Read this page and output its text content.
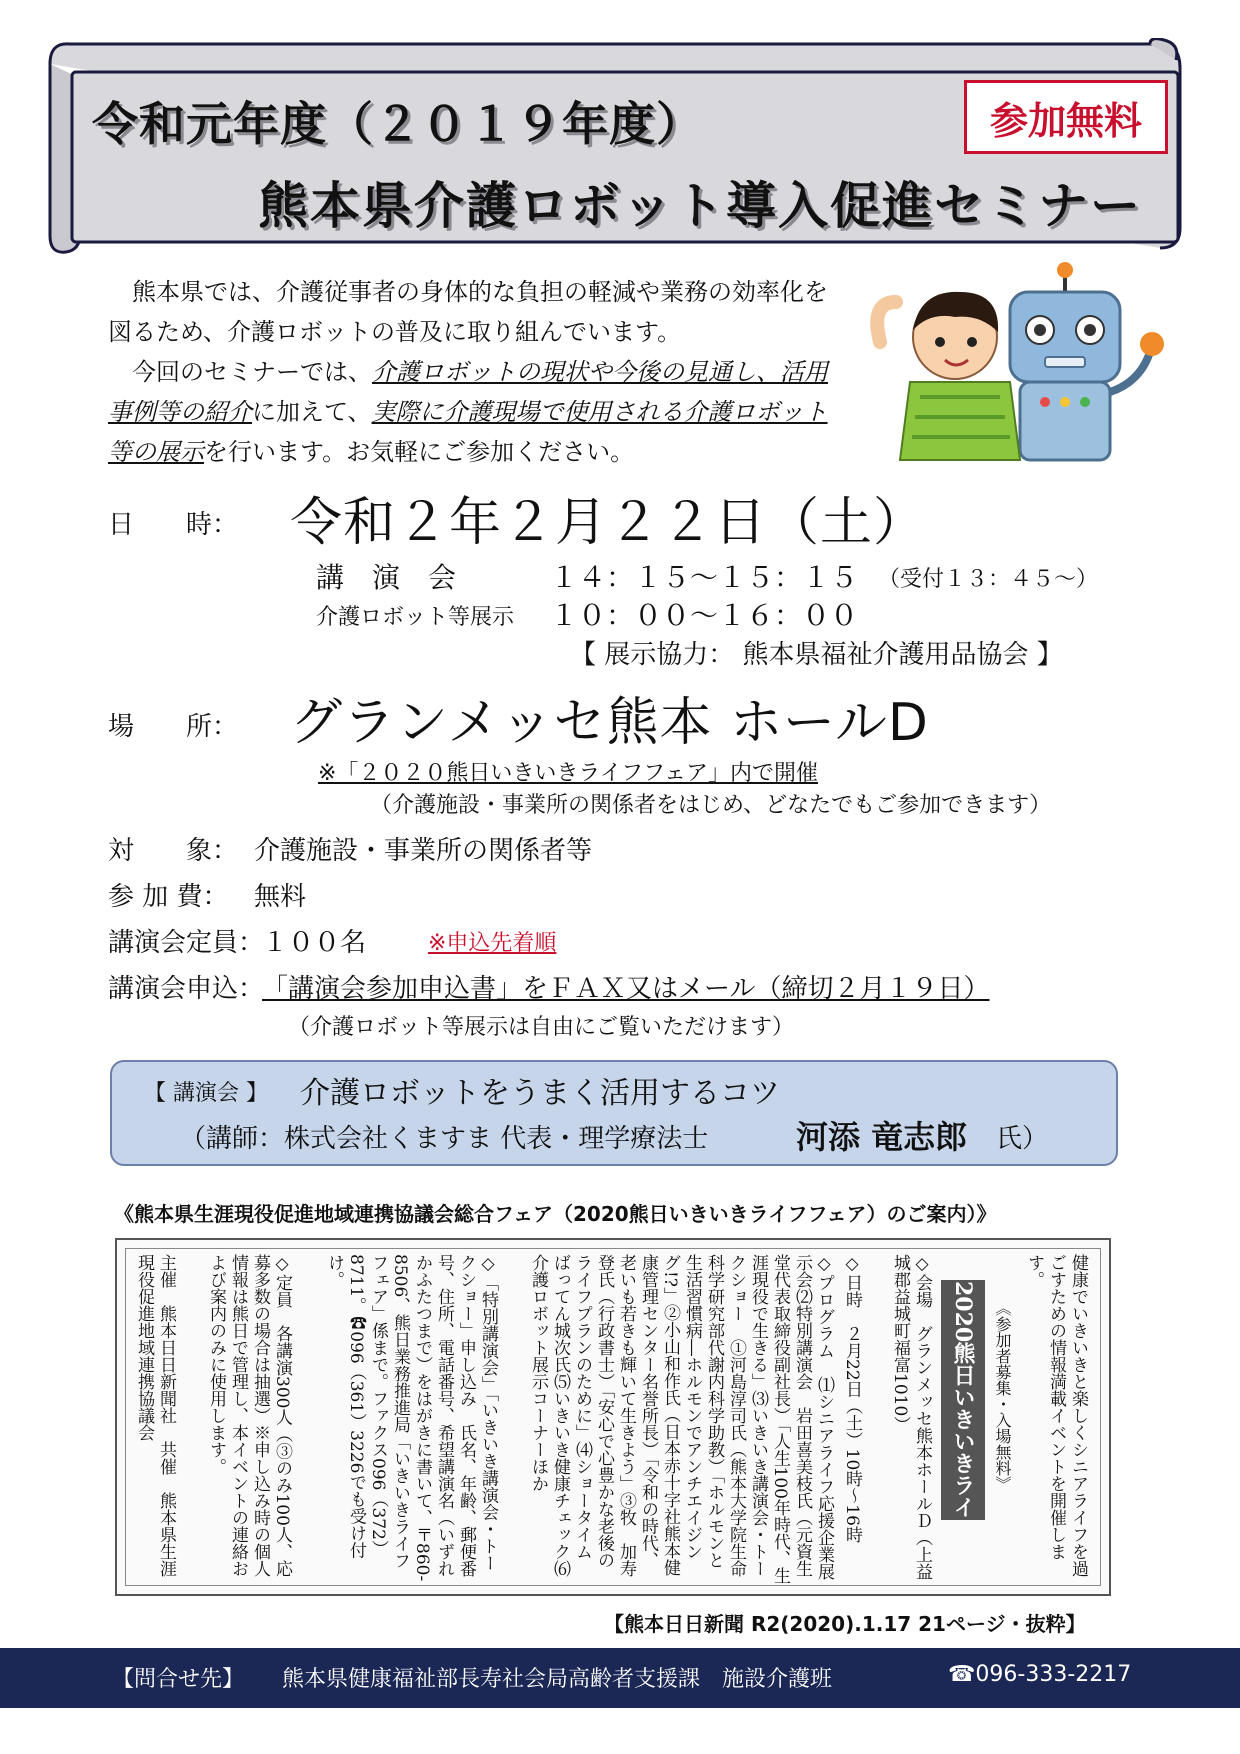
令和元年度（２０１９年度）
熊本県介護ロボット導入促進セミナー
参加無料

　熊本県では、介護従事者の身体的な負担の軽減や業務の効率化を図るため、介護ロボットの普及に取り組んでいます。

　今回のセミナーでは、介護ロボットの現状や今後の見通し、活用事例等の紹介に加えて、実際に介護現場で使用される介護ロボット等の展示を行います。お気軽にご参加ください。

日　　時： 令和２年２月２２日（土）
講　演　会	１４：１５～１５：１５ （受付１３：４５～）
介護ロボット等展示 １０：００～１６：００
【 展示協力： 熊本県福祉介護用品協会 】
場　　所： グランメッセ熊本 ホールD
※「２０２０熊日いきいきライフフェア」内で開催
（介護施設・事業所の関係者をはじめ、どなたでもご参加できます）
対　　象： 介護施設・事業所の関係者等
参 加 費： 無料
講演会定員：
１００名	※申込先着順
講演会申込：
「講演会参加申込書」をＦＡＸ又はメール（締切２月１９日）
（介護ロボット等展示は自由にご覧いただけます）
【 講演会 】 介護ロボットをうまく活用するコツ
（講師：株式会社くますま 代表・理学療法士	河添 竜志郎 氏）
《熊本県生涯現役促進地域連携協議会総合フェア（2020熊日いきいきライフフェア）のご案内）》
2020熊日いきいきライ
《参加者募集・入場無料》	健康でいきいきと楽しくシニアライフを過ごすための情報満載イベントを開催します。
◇会場　グランメッセ熊本ホールＤ（上益城郡益城町福富1010）
◇日時　２月22日（土）10時～16時
◇プログラム　⑴シニアライフ応援企業展示会⑵特別講演会　岩田喜美枝氏（元資生堂代表取締役副社長）「人生100年時代、生涯現役で生きる」⑶いきいき講演会・トークショー　①河島淳司氏（熊本大学院生命科学研究部代謝内科学助教）「ホルモンと生活習慣病―ホルモンでアンチエイジング!?」②小山和作氏（日本赤十字社熊本健康管理センター名誉所長）「令和の時代、老いも若きも輝いて生きよう」③牧　加寿登氏（行政書士）「安心で心豊かな老後のライフプランのために」⑷ショータイム　ばってん城次氏⑸いきいき健康チェック⑹介護ロボット展示コーナーほか
◇「特別講演会」「いきいき講演会・トークショー」申し込み　氏名、年齢、郵便番号、住所、電話番号、希望講演名（いずれかふたつまで）をはがきに書いて、〒860-8506、熊日業務推進局「いきいきライフフェア」係まで。ファクス096（372）8711。☎096（361）3226でも受け付け。
◇定員　各講演300人（③のみ100人、応募多数の場合は抽選）※申し込み時の個人情報は熊日で管理し、本イベントの連絡および案内のみに使用します。
主催　熊本日日新聞社　共催　熊本県生涯現役促進地域連携協議会
【熊本日日新聞 R2(2020).1.17 21ページ・抜粋】
【問合せ先】 熊本県健康福祉部長寿社会局高齢者支援課　施設介護班	☎096-333-2217
